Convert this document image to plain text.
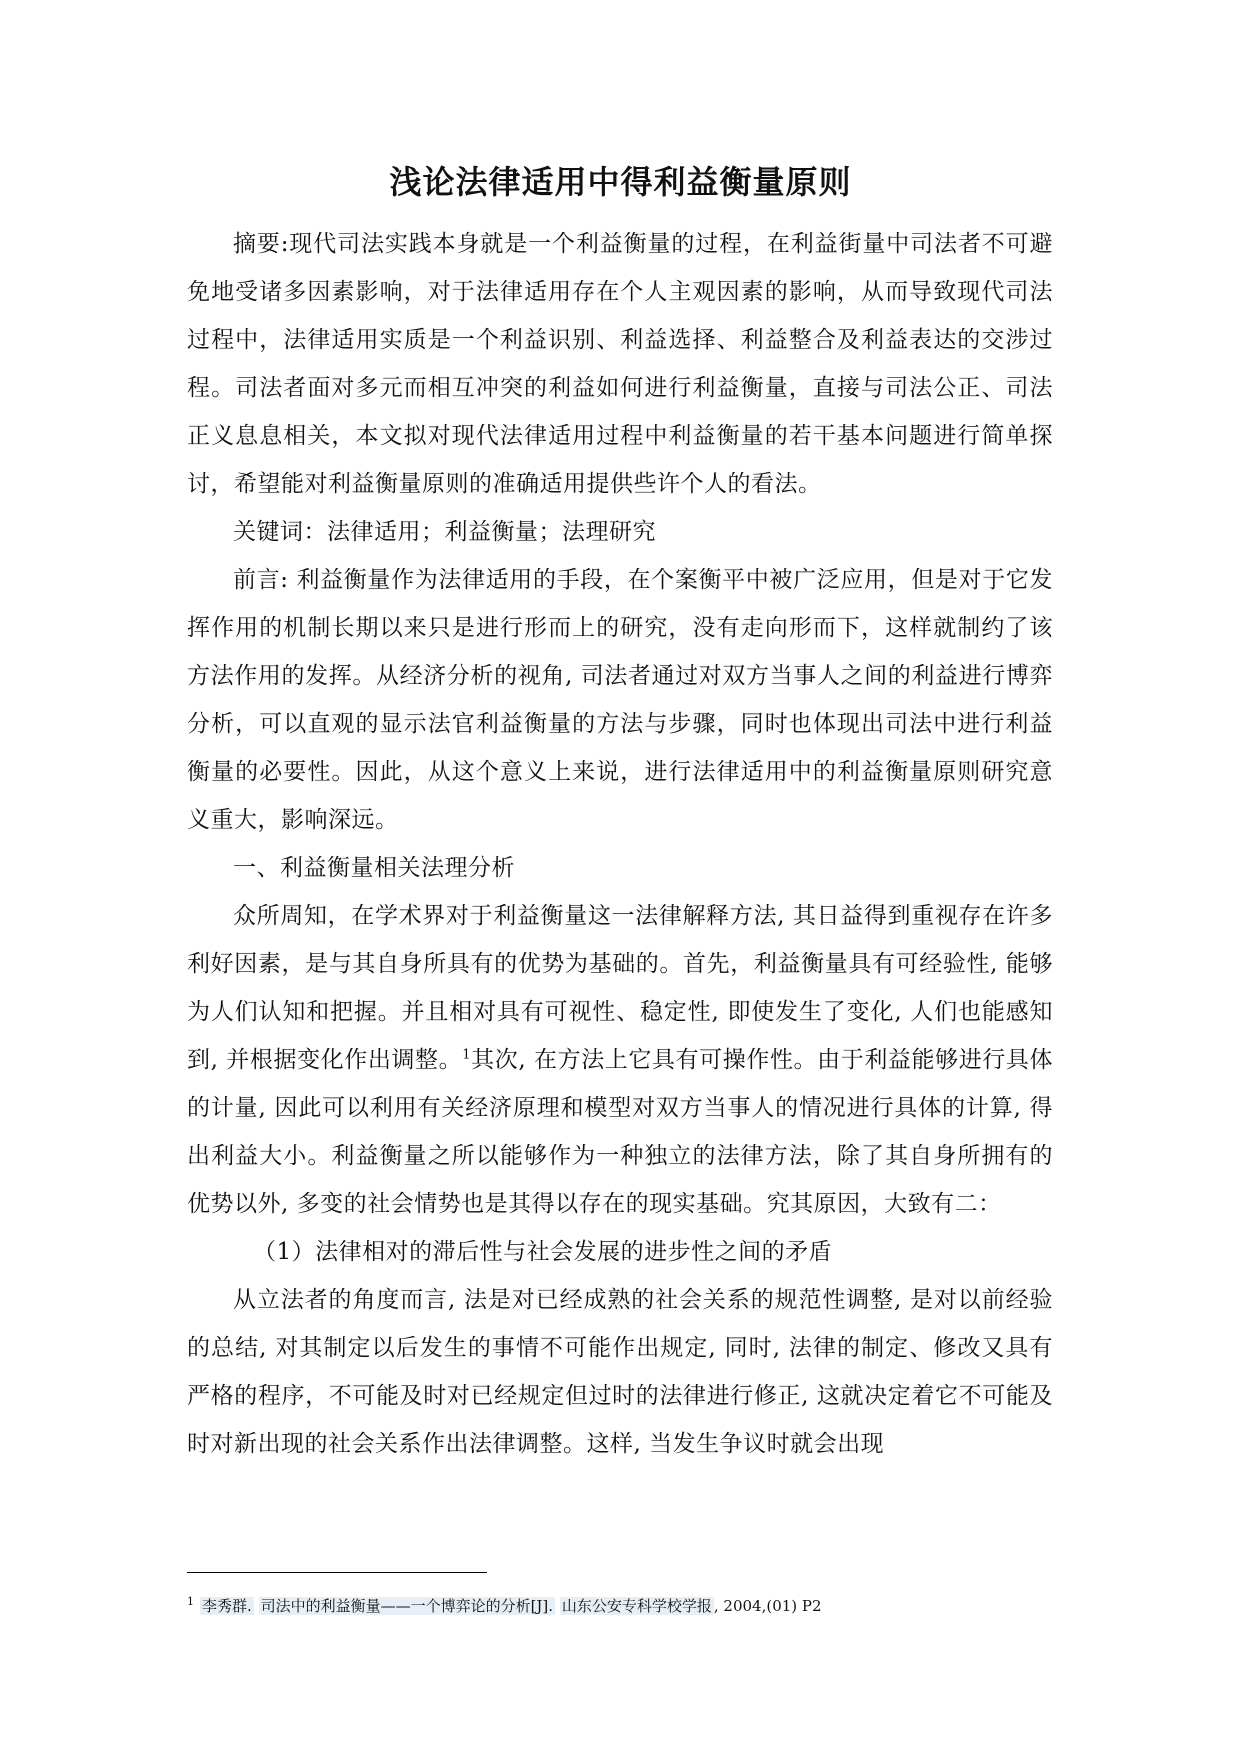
浅论法律适用中得利益衡量原则

摘要:现代司法实践本身就是一个利益衡量的过程，在利益街量中司法者不可避免地受诸多因素影响，对于法律适用存在个人主观因素的影响，从而导致现代司法过程中，法律适用实质是一个利益识别、利益选择、利益整合及利益表达的交涉过程。司法者面对多元而相互冲突的利益如何进行利益衡量，直接与司法公正、司法正义息息相关，本文拟对现代法律适用过程中利益衡量的若干基本问题进行简单探讨，希望能对利益衡量原则的准确适用提供些许个人的看法。

关键词：法律适用；利益衡量；法理研究

前言: 利益衡量作为法律适用的手段，在个案衡平中被广泛应用，但是对于它发挥作用的机制长期以来只是进行形而上的研究，没有走向形而下，这样就制约了该方法作用的发挥。从经济分析的视角, 司法者通过对双方当事人之间的利益进行博弈分析，可以直观的显示法官利益衡量的方法与步骤，同时也体现出司法中进行利益衡量的必要性。因此，从这个意义上来说，进行法律适用中的利益衡量原则研究意义重大，影响深远。

一、利益衡量相关法理分析

众所周知，在学术界对于利益衡量这一法律解释方法, 其日益得到重视存在许多利好因素，是与其自身所具有的优势为基础的。首先，利益衡量具有可经验性, 能够为人们认知和把握。并且相对具有可视性、稳定性, 即使发生了变化, 人们也能感知到, 并根据变化作出调整。$^1$其次, 在方法上它具有可操作性。由于利益能够进行具体的计量, 因此可以利用有关经济原理和模型对双方当事人的情况进行具体的计算, 得出利益大小。利益衡量之所以能够作为一种独立的法律方法，除了其自身所拥有的优势以外, 多变的社会情势也是其得以存在的现实基础。究其原因，大致有二：

（1）法律相对的滞后性与社会发展的进步性之间的矛盾

从立法者的角度而言, 法是对已经成熟的社会关系的规范性调整, 是对以前经验的总结, 对其制定以后发生的事情不可能作出规定, 同时, 法律的制定、修改又具有严格的程序，不可能及时对已经规定但过时的法律进行修正, 这就决定着它不可能及时对新出现的社会关系作出法律调整。这样, 当发生争议时就会出现

$^1$ 李秀群. 司法中的利益衡量——一个博弈论的分析[J]. 山东公安专科学校学报 , 2004,(01) P2
